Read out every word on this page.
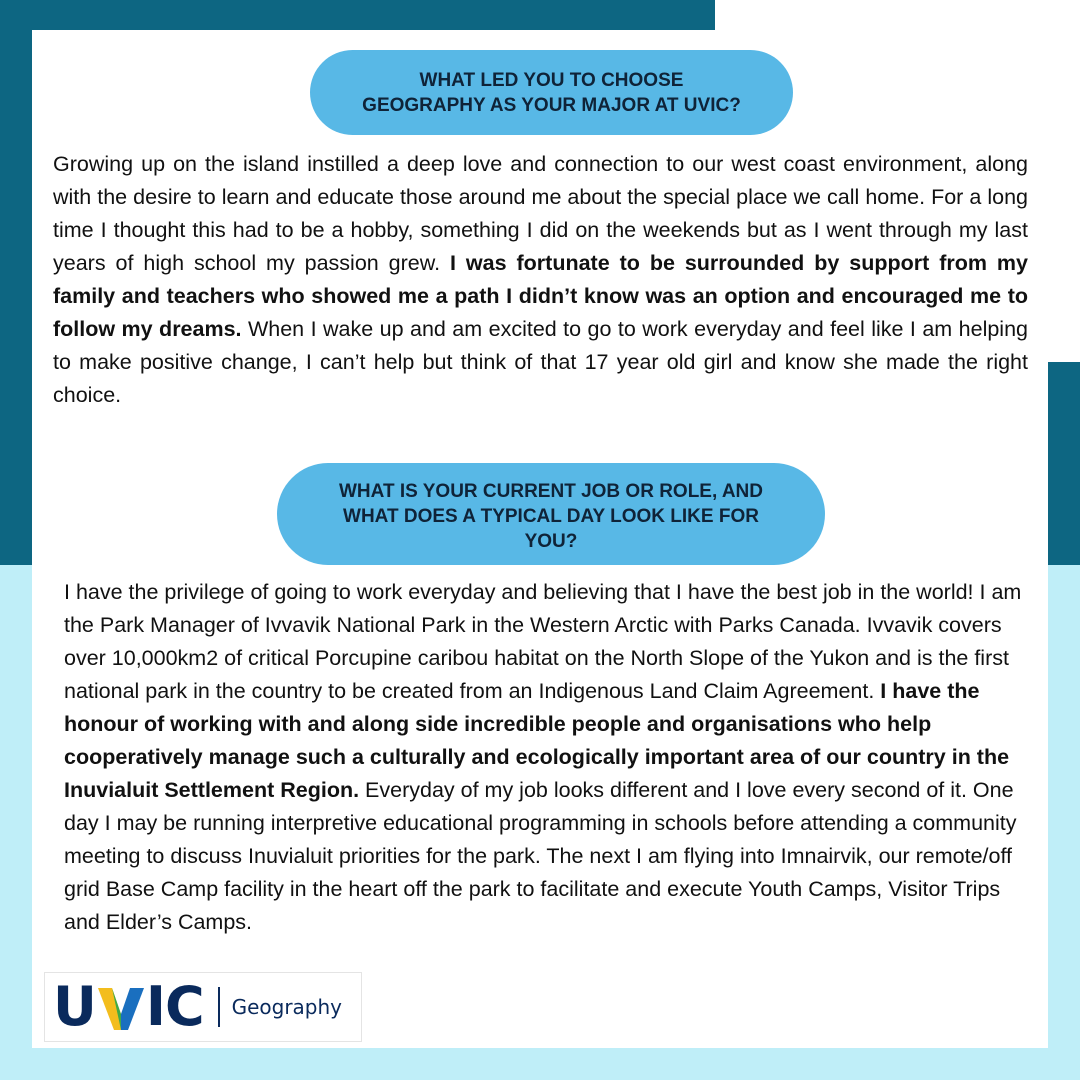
WHAT LED YOU TO CHOOSE
GEOGRAPHY AS YOUR MAJOR AT UVIC?

Growing up on the island instilled a deep love and connection to our west coast environment, along with the desire to learn and educate those around me about the special place we call home. For a long time I thought this had to be a hobby, something I did on the weekends but as I went through my last years of high school my passion grew. I was fortunate to be surrounded by support from my family and teachers who showed me a path I didn’t know was an option and encouraged me to follow my dreams. When I wake up and am excited to go to work everyday and feel like I am helping to make positive change, I can’t help but think of that 17 year old girl and know she made the right choice.

WHAT IS YOUR CURRENT JOB OR ROLE, AND
WHAT DOES A TYPICAL DAY LOOK LIKE FOR
YOU?

I have the privilege of going to work everyday and believing that I have the best job in the world! I am the Park Manager of Ivvavik National Park in the Western Arctic with Parks Canada. Ivvavik covers over 10,000km2 of critical Porcupine caribou habitat on the North Slope of the Yukon and is the first national park in the country to be created from an Indigenous Land Claim Agreement. I have the honour of working with and along side incredible people and organisations who help cooperatively manage such a culturally and ecologically important area of our country in the Inuvialuit Settlement Region. Everyday of my job looks different and I love every second of it. One day I may be running interpretive educational programming in schools before attending a community meeting to discuss Inuvialuit priorities for the park. The next I am flying into Imnairvik, our remote/off grid Base Camp facility in the heart off the park to facilitate and execute Youth Camps, Visitor Trips and Elder’s Camps.

U I C Geography
